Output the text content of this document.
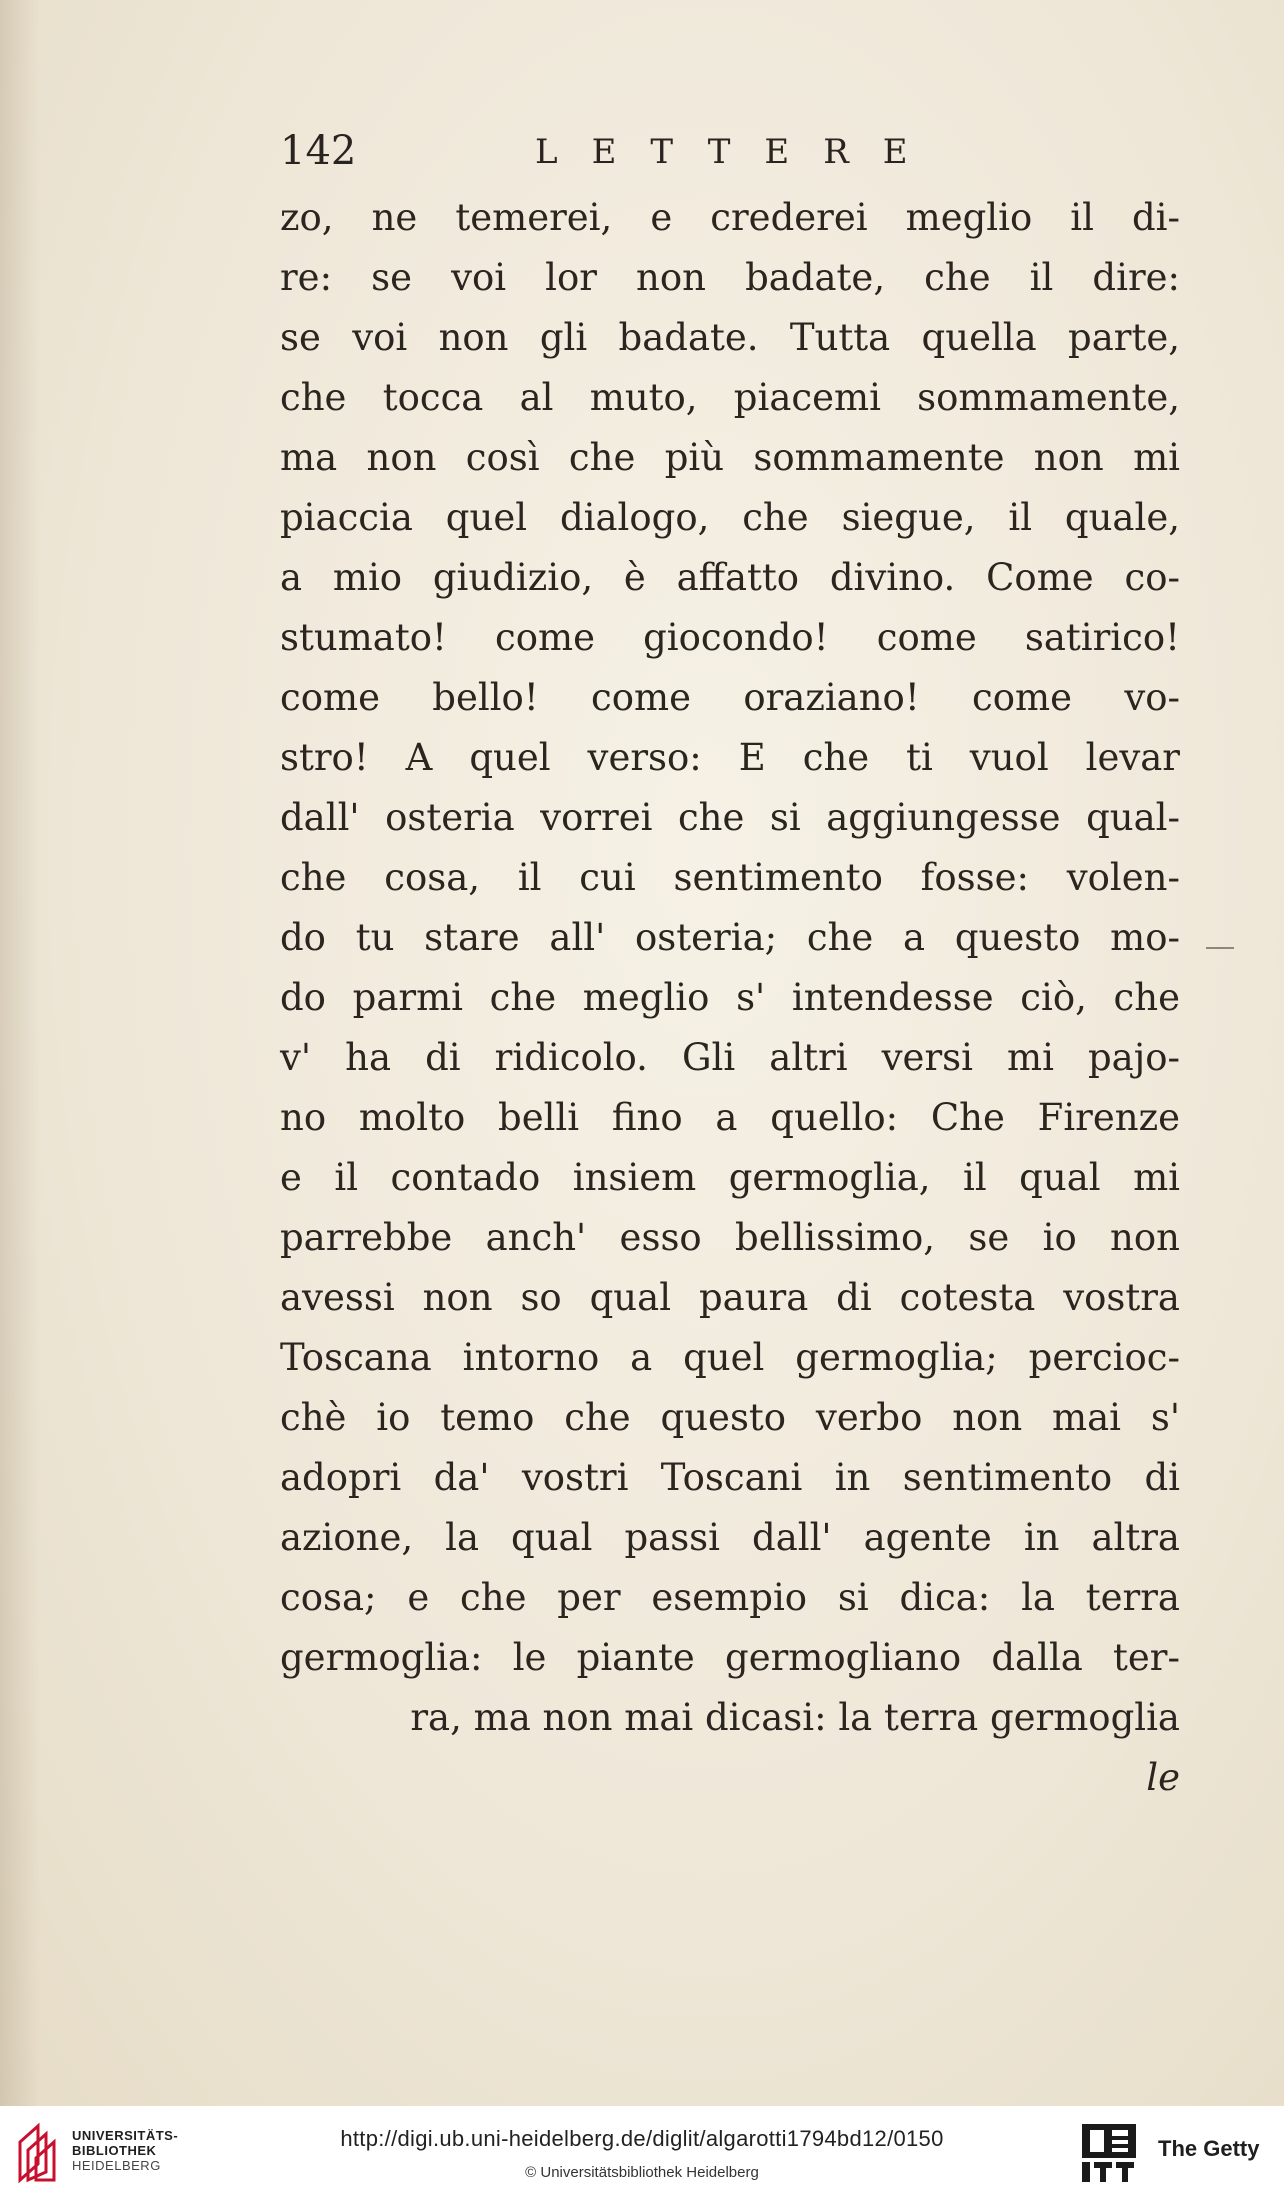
142	LETTERE
zo, ne temerei, e crederei meglio il di-
re: se voi lor non badate, che il dire:
se voi non gli badate. Tutta quella parte,
che tocca al muto, piacemi sommamente,
ma non così che più sommamente non mi
piaccia quel dialogo, che siegue, il quale,
a mio giudizio, è affatto divino. Come co-
stumato! come giocondo! come satirico!
come bello! come oraziano! come vo-
stro! A quel verso: E che ti vuol levar
dall' osteria vorrei che si aggiungesse qual-
che cosa, il cui sentimento fosse: volen-
do tu stare all' osteria; che a questo mo-
do parmi che meglio s' intendesse ciò, che
v' ha di ridicolo. Gli altri versi mi pajo-
no molto belli fino a quello: Che Firenze
e il contado insiem germoglia, il qual mi
parrebbe anch' esso bellissimo, se io non
avessi non so qual paura di cotesta vostra
Toscana intorno a quel germoglia; percioc-
chè io temo che questo verbo non mai s'
adopri da' vostri Toscani in sentimento di
azione, la qual passi dall' agente in altra
cosa; e che per esempio si dica: la terra
germoglia: le piante germogliano dalla ter-
ra, ma non mai dicasi: la terra germoglia
le
UNIVERSITÄTS-
BIBLIOTHEK
HEIDELBERG
http://digi.ub.uni-heidelberg.de/diglit/algarotti1794bd12/0150
© Universitätsbibliothek Heidelberg
The Getty
